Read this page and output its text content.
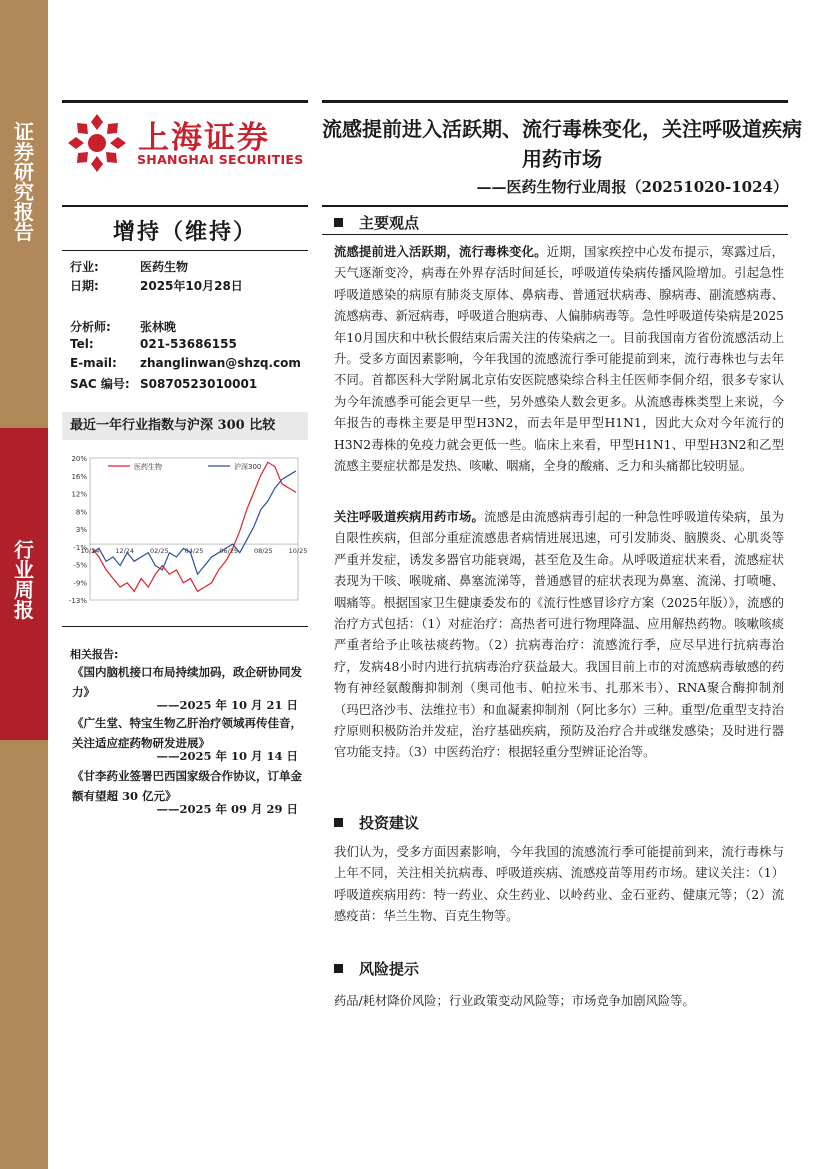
证券研究报告
行业周报
上海证券
SHANGHAI SECURITIES
流感提前进入活跃期、流行毒株变化，关注呼吸道疾病用药市场
——医药生物行业周报（20251020-1024）
增持（维持）
行业:	医药生物
日期:	2025年10月28日
分析师: 张林晚
Tel:	021-53686155
E-mail: zhanglinwan@shzq.com
SAC 编号: S0870523010001
最近一年行业指数与沪深 300 比较
20%
16%
12%
8%
3%
-1%
-5%
-9%
-13%
10/24 12/24 02/25 04/25 06/25 08/25 10/25
医药生物	沪深300
相关报告:
《国内脑机接口布局持续加码，政企研协同发力》
——2025 年 10 月 21 日
《广生堂、特宝生物乙肝治疗领域再传佳音，关注适应症药物研发进展》
——2025 年 10 月 14 日
《甘李药业签署巴西国家级合作协议，订单金额有望超 30 亿元》
——2025 年 09 月 29 日
主要观点

流感提前进入活跃期，流行毒株变化。近期，国家疾控中心发布提示，寒露过后，天气逐渐变冷，病毒在外界存活时间延长，呼吸道传染病传播风险增加。引起急性呼吸道感染的病原有肺炎支原体、鼻病毒、普通冠状病毒、腺病毒、副流感病毒、流感病毒、新冠病毒，呼吸道合胞病毒、人偏肺病毒等。急性呼吸道传染病是2025年10月国庆和中秋长假结束后需关注的传染病之一。目前我国南方省份流感活动上升。受多方面因素影响，今年我国的流感流行季可能提前到来，流行毒株也与去年不同。首都医科大学附属北京佑安医院感染综合科主任医师李侗介绍，很多专家认为今年流感季可能会更早一些，另外感染人数会更多。从流感毒株类型上来说，今年报告的毒株主要是甲型H3N2，而去年是甲型H1N1，因此大众对今年流行的H3N2毒株的免疫力就会更低一些。临床上来看，甲型H1N1、甲型H3N2和乙型流感主要症状都是发热、咳嗽、咽痛，全身的酸痛、乏力和头痛都比较明显。

关注呼吸道疾病用药市场。流感是由流感病毒引起的一种急性呼吸道传染病，虽为自限性疾病，但部分重症流感患者病情进展迅速，可引发肺炎、脑膜炎、心肌炎等严重并发症，诱发多器官功能衰竭，甚至危及生命。从呼吸道症状来看，流感症状表现为干咳、喉咙痛、鼻塞流涕等，普通感冒的症状表现为鼻塞、流涕、打喷嚏、咽痛等。根据国家卫生健康委发布的《流行性感冒诊疗方案（2025年版）》，流感的治疗方式包括：（1）对症治疗：高热者可进行物理降温、应用解热药物。咳嗽咳痰严重者给予止咳祛痰药物。（2）抗病毒治疗：流感流行季，应尽早进行抗病毒治疗，发病48小时内进行抗病毒治疗获益最大。我国目前上市的对流感病毒敏感的药物有神经氨酸酶抑制剂（奥司他韦、帕拉米韦、扎那米韦）、RNA聚合酶抑制剂（玛巴洛沙韦、法维拉韦）和血凝素抑制剂（阿比多尔）三种。重型/危重型支持治疗原则积极防治并发症，治疗基础疾病，预防及治疗合并或继发感染；及时进行器官功能支持。（3）中医药治疗：根据轻重分型辨证论治等。

投资建议

我们认为，受多方面因素影响，今年我国的流感流行季可能提前到来，流行毒株与上年不同，关注相关抗病毒、呼吸道疾病、流感疫苗等用药市场。建议关注：（1）呼吸道疾病用药：特一药业、众生药业、以岭药业、金石亚药、健康元等；（2）流感疫苗：华兰生物、百克生物等。

风险提示

药品/耗材降价风险；行业政策变动风险等；市场竞争加剧风险等。
